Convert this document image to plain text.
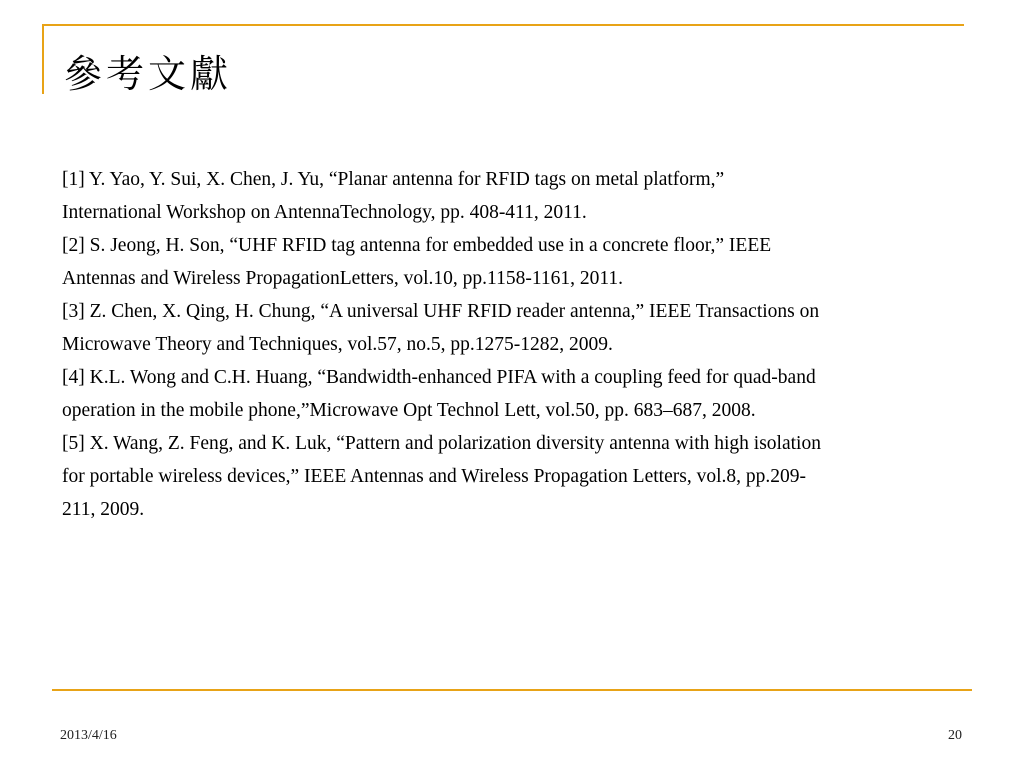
參考文獻
[1] Y. Yao, Y. Sui, X. Chen, J. Yu, “Planar antenna for RFID tags on metal platform,”
International Workshop on AntennaTechnology, pp. 408-411, 2011.
[2] S. Jeong, H. Son, “UHF RFID tag antenna for embedded use in a concrete floor,” IEEE
Antennas and Wireless PropagationLetters, vol.10, pp.1158-1161, 2011.
[3] Z. Chen, X. Qing, H. Chung, “A universal UHF RFID reader antenna,” IEEE Transactions on
Microwave Theory and Techniques, vol.57, no.5, pp.1275-1282, 2009.
[4] K.L. Wong and C.H. Huang, “Bandwidth-enhanced PIFA with a coupling feed for quad-band
operation in the mobile phone,”Microwave Opt Technol Lett, vol.50, pp. 683–687, 2008.
[5] X. Wang, Z. Feng, and K. Luk, “Pattern and polarization diversity antenna with high isolation
for portable wireless devices,” IEEE Antennas and Wireless Propagation Letters, vol.8, pp.209-
211, 2009.
2013/4/16	20
